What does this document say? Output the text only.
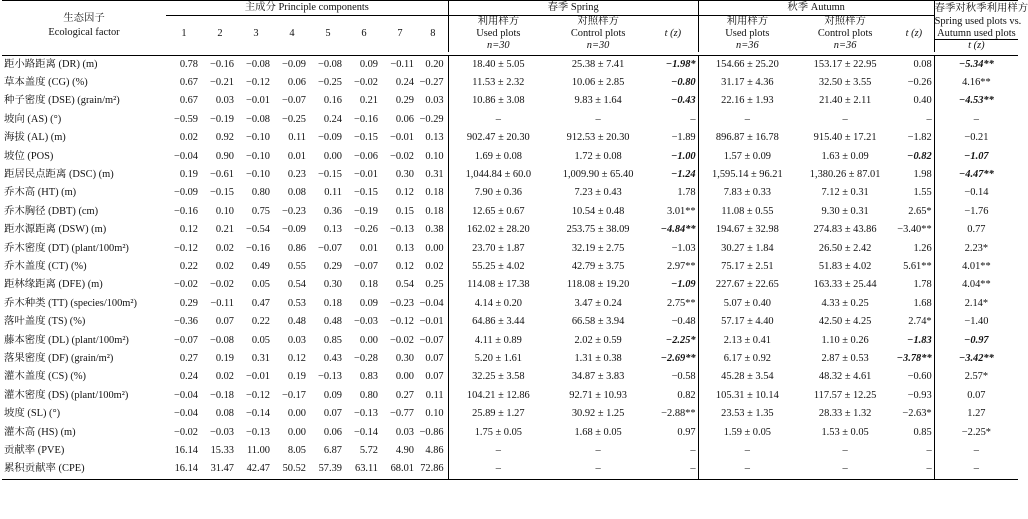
生态因子
Ecological factor	主成分 Principle components								春季 Spring			秋季 Autumn			春季对秋季利用样方
	1	2	3	4	5	6	7	8	利用样方	对照样方	t (z)	利用样方	对照样方	t (z)	Spring used plots vs.
									Used plots	Control plots		Used plots	Control plots		Autumn used plots
									n=30	n=30		n=36	n=36		t (z)

距小路距离 (DR) (m)	0.78	−0.16	−0.08	−0.09	−0.08	0.09	−0.11	0.20	18.40 ± 5.05	25.38 ± 7.41	−1.98*	154.66 ± 25.20	153.17 ± 22.95	0.08	−5.34**
草本盖度 (CG) (%)	0.67	−0.21	−0.12	0.06	−0.25	−0.02	0.24	−0.27	11.53 ± 2.32	10.06 ± 2.85	−0.80	31.17 ± 4.36	32.50 ± 3.55	−0.26	4.16**
种子密度 (DSE) (grain/m²)	0.67	0.03	−0.01	−0.07	0.16	0.21	0.29	0.03	10.86 ± 3.08	9.83 ± 1.64	−0.43	22.16 ± 1.93	21.40 ± 2.11	0.40	−4.53**
坡向 (AS) (°)	−0.59	−0.19	−0.08	−0.25	0.24	−0.16	0.06	−0.29	–	–	–	–	–	–	–
海拔 (AL) (m)	0.02	0.92	−0.10	0.11	−0.09	−0.15	−0.01	0.13	902.47 ± 20.30	912.53 ± 20.30	−1.89	896.87 ± 16.78	915.40 ± 17.21	−1.82	−0.21
坡位 (POS)	−0.04	0.90	−0.10	0.01	0.00	−0.06	−0.02	0.10	1.69 ± 0.08	1.72 ± 0.08	−1.00	1.57 ± 0.09	1.63 ± 0.09	−0.82	−1.07
距居民点距离 (DSC) (m)	0.19	−0.61	−0.10	0.23	−0.15	−0.01	0.30	0.31	1,044.84 ± 60.0	1,009.90 ± 65.40	−1.24	1,595.14 ± 96.21	1,380.26 ± 87.01	1.98	−4.47**
乔木高 (HT) (m)	−0.09	−0.15	0.80	0.08	0.11	−0.15	0.12	0.18	7.90 ± 0.36	7.23 ± 0.43	1.78	7.83 ± 0.33	7.12 ± 0.31	1.55	−0.14
乔木胸径 (DBT) (cm)	−0.16	0.10	0.75	−0.23	0.36	−0.19	0.15	0.18	12.65 ± 0.67	10.54 ± 0.48	3.01**	11.08 ± 0.55	9.30 ± 0.31	2.65*	−1.76
距水源距离 (DSW) (m)	0.12	0.21	−0.54	−0.09	0.13	−0.26	−0.13	0.38	162.02 ± 28.20	253.75 ± 38.09	−4.84**	194.67 ± 32.98	274.83 ± 43.86	−3.40**	0.77
乔木密度 (DT) (plant/100m²)	−0.12	0.02	−0.16	0.86	−0.07	0.01	0.13	0.00	23.70 ± 1.87	32.19 ± 2.75	−1.03	30.27 ± 1.84	26.50 ± 2.42	1.26	2.23*
乔木盖度 (CT) (%)	0.22	0.02	0.49	0.55	0.29	−0.07	0.12	0.02	55.25 ± 4.02	42.79 ± 3.75	2.97**	75.17 ± 2.51	51.83 ± 4.02	5.61**	4.01**
距林缘距离 (DFE) (m)	−0.02	−0.02	0.05	0.54	0.30	0.18	0.54	0.25	114.08 ± 17.38	118.08 ± 19.20	−1.09	227.67 ± 22.65	163.33 ± 25.44	1.78	4.04**
乔木种类 (TT) (species/100m²)	0.29	−0.11	0.47	0.53	0.18	0.09	−0.23	−0.04	4.14 ± 0.20	3.47 ± 0.24	2.75**	5.07 ± 0.40	4.33 ± 0.25	1.68	2.14*
落叶盖度 (TS) (%)	−0.36	0.07	0.22	0.48	0.48	−0.03	−0.12	−0.01	64.86 ± 3.44	66.58 ± 3.94	−0.48	57.17 ± 4.40	42.50 ± 4.25	2.74*	−1.40
藤本密度 (DL) (plant/100m²)	−0.07	−0.08	0.05	0.03	0.85	0.00	−0.02	−0.07	4.11 ± 0.89	2.02 ± 0.59	−2.25*	2.13 ± 0.41	1.10 ± 0.26	−1.83	−0.97
落果密度 (DF) (grain/m²)	0.27	0.19	0.31	0.12	0.43	−0.28	0.30	0.07	5.20 ± 1.61	1.31 ± 0.38	−2.69**	6.17 ± 0.92	2.87 ± 0.53	−3.78**	−3.42**
灌木盖度 (CS) (%)	0.24	0.02	−0.01	0.19	−0.13	0.83	0.00	0.07	32.25 ± 3.58	34.87 ± 3.83	−0.58	45.28 ± 3.54	48.32 ± 4.61	−0.60	2.57*
灌木密度 (DS) (plant/100m²)	−0.04	−0.18	−0.12	−0.17	0.09	0.80	0.27	0.11	104.21 ± 12.86	92.71 ± 10.93	0.82	105.31 ± 10.14	117.57 ± 12.25	−0.93	0.07
坡度 (SL) (°)	−0.04	0.08	−0.14	0.00	0.07	−0.13	−0.77	0.10	25.89 ± 1.27	30.92 ± 1.25	−2.88**	23.53 ± 1.35	28.33 ± 1.32	−2.63*	1.27
灌木高 (HS) (m)	−0.02	−0.03	−0.13	0.00	0.06	−0.14	0.03	−0.86	1.75 ± 0.05	1.68 ± 0.05	0.97	1.59 ± 0.05	1.53 ± 0.05	0.85	−2.25*
贡献率 (PVE)	16.14	15.33	11.00	8.05	6.87	5.72	4.90	4.86	–	–	–	–	–	–	–
累积贡献率 (CPE)	16.14	31.47	42.47	50.52	57.39	63.11	68.01	72.86	–	–	–	–	–	–	–
